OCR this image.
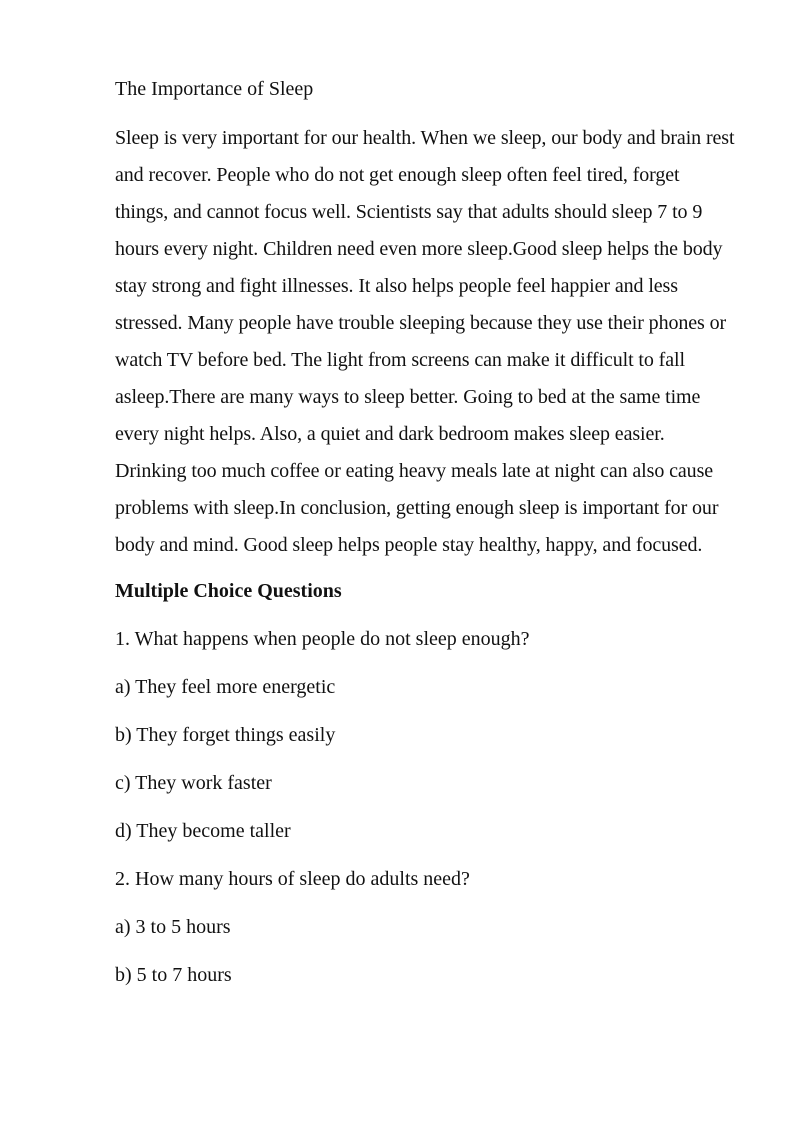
The Importance of Sleep

Sleep is very important for our health. When we sleep, our body and brain rest and recover. People who do not get enough sleep often feel tired, forget things, and cannot focus well. Scientists say that adults should sleep 7 to 9 hours every night. Children need even more sleep.Good sleep helps the body stay strong and fight illnesses. It also helps people feel happier and less stressed. Many people have trouble sleeping because they use their phones or watch TV before bed. The light from screens can make it difficult to fall asleep.There are many ways to sleep better. Going to bed at the same time every night helps. Also, a quiet and dark bedroom makes sleep easier. Drinking too much coffee or eating heavy meals late at night can also cause problems with sleep.In conclusion, getting enough sleep is important for our body and mind. Good sleep helps people stay healthy, happy, and focused.

Multiple Choice Questions
1. What happens when people do not sleep enough?
a) They feel more energetic
b) They forget things easily
c) They work faster
d) They become taller
2. How many hours of sleep do adults need?
a) 3 to 5 hours
b) 5 to 7 hours
